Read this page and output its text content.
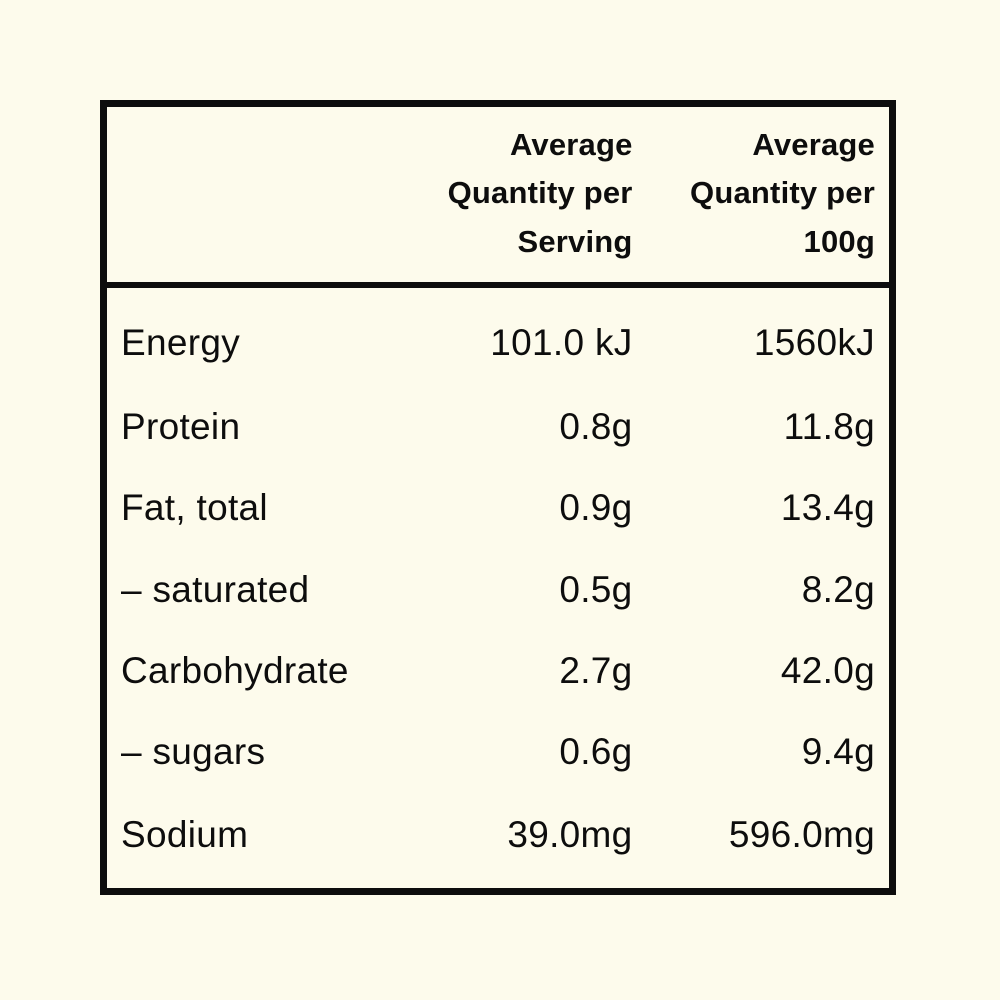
	Average
Quantity per
Serving	Average
Quantity per
100g

Energy	101.0 kJ	1560kJ
Protein	0.8g	11.8g
Fat, total	0.9g	13.4g
– saturated	0.5g	8.2g
Carbohydrate	2.7g	42.0g
– sugars	0.6g	9.4g
Sodium	39.0mg	596.0mg
